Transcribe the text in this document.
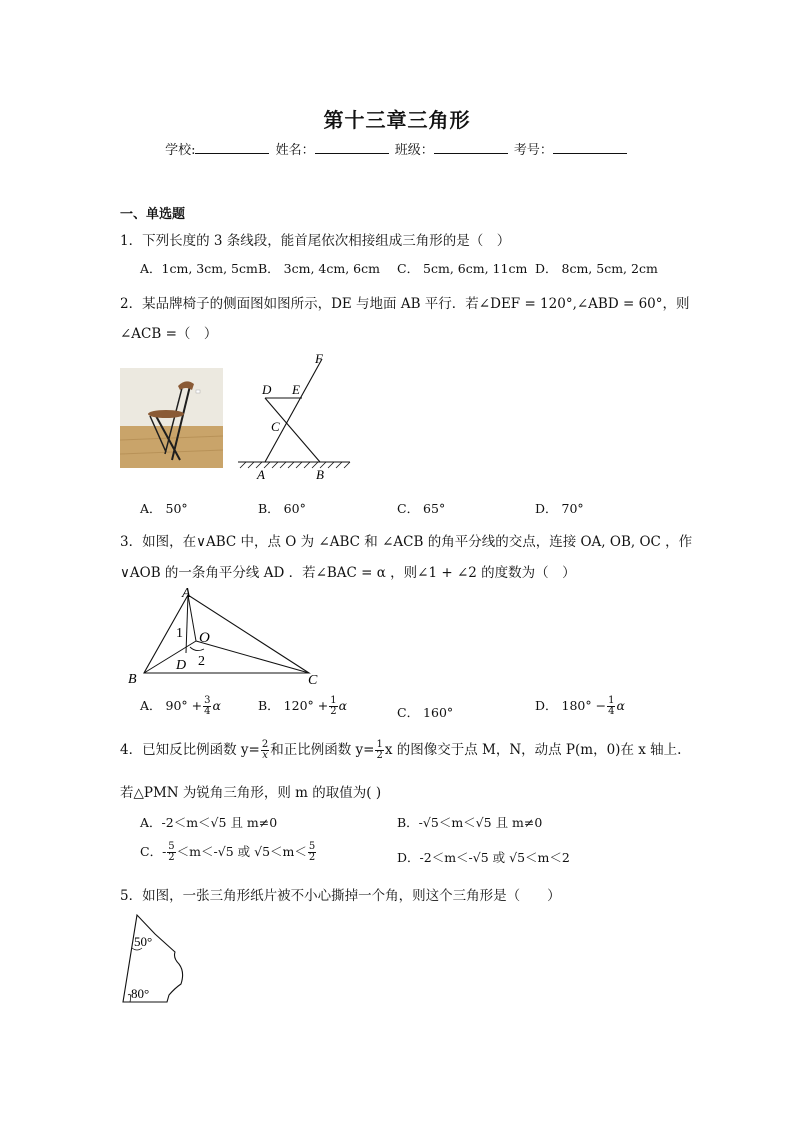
第十三章三角形
学校:	姓名：	班级：	考号：
一、单选题
1．下列长度的 3 条线段，能首尾依次相接组成三角形的是（　）
A．1cm, 3cm, 5cm B． 3cm, 4cm, 6cm C． 5cm, 6cm, 11cm D． 8cm, 5cm, 2cm
2．某品牌椅子的侧面图如图所示，DE 与地面 AB 平行．若∠DEF = 120°,∠ABD = 60°，则
∠ACB =（　）
F
D E
C
A	B
A． 50°	B． 60°	C． 65°	D． 70°
3．如图，在∨ABC 中，点 O 为 ∠ABC 和 ∠ACB 的角平分线的交点，连接 OA, OB, OC ，作
∨AOB 的一条角平分线 AD ．若∠BAC = α ，则∠1 + ∠2 的度数为（　）
A
B	C
D
O
1
2
A． $90^\circ + \frac{3}{4}$ α	B． $120^\circ + \frac{1}{2}$ α	C． 160°	D． $180^\circ - \frac{1}{4}$ α
4．已知反比例函数 $y= \frac{2}{x}$ 和正比例函数 $y= \frac{1}{2}$ x 的图像交于点 M，N，动点 P(m，0)在 x 轴上.
若△PMN 为锐角三角形，则 m 的取值为( )
A．-2＜m＜√5 且 m≠0	B．-√5＜m＜√5 且 m≠0
C．- $\frac{5}{2} <m<-√5$ 或 $√5<m< \frac{5}{2}$	D．-2＜m＜-√5 或 √5＜m＜2
5．如图，一张三角形纸片被不小心撕掉一个角，则这个三角形是（　　）
50°
80°
